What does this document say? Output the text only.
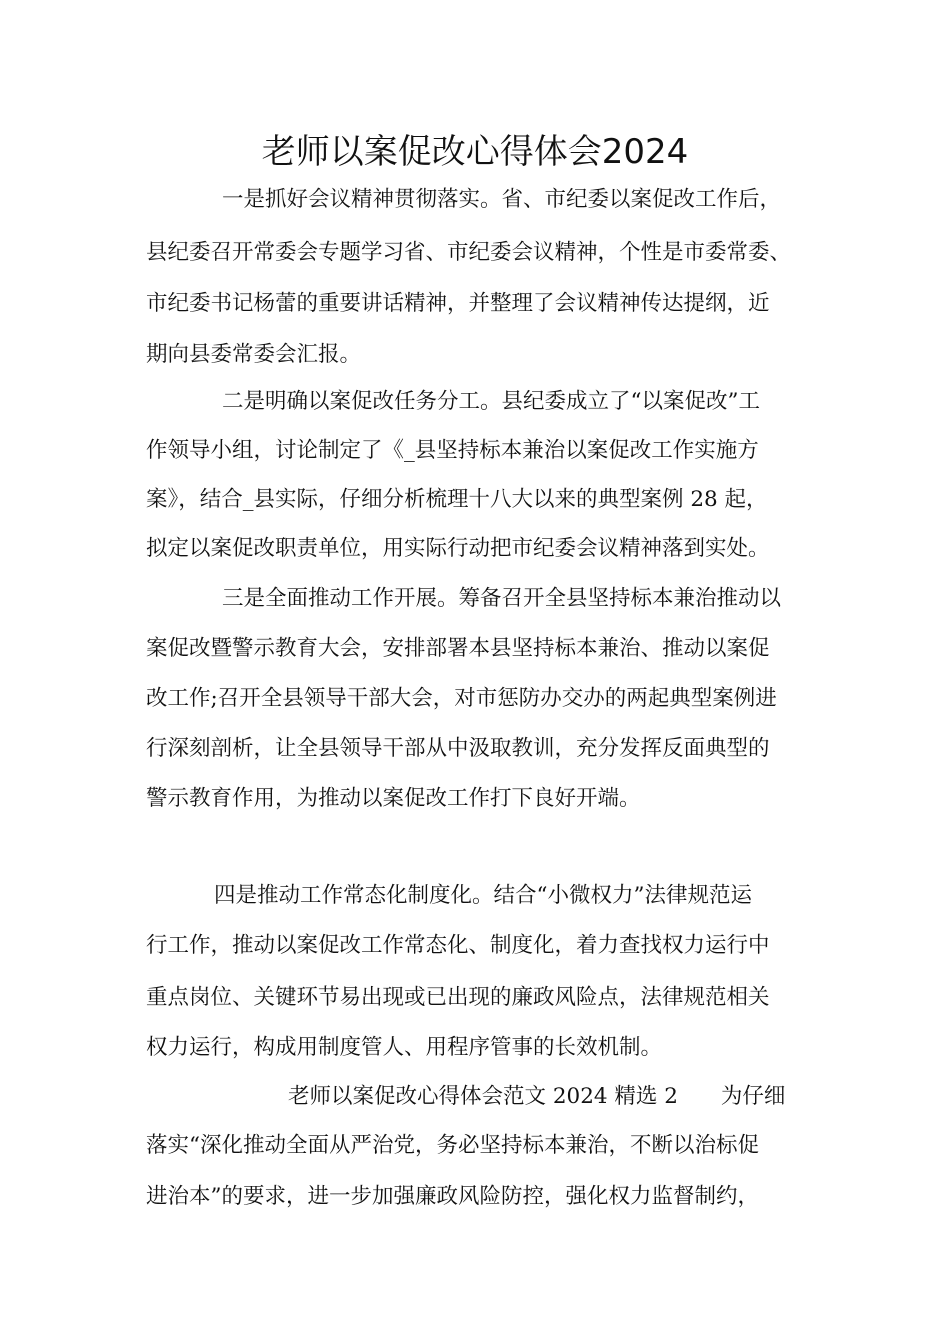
老师以案促改心得体会2024
一是抓好会议精神贯彻落实。省、市纪委以案促改工作后，
县纪委召开常委会专题学习省、市纪委会议精神，个性是市委常委、
市纪委书记杨蕾的重要讲话精神，并整理了会议精神传达提纲，近
期向县委常委会汇报。
二是明确以案促改任务分工。县纪委成立了“以案促改”工
作领导小组，讨论制定了《_县坚持标本兼治以案促改工作实施方
案》，结合_县实际，仔细分析梳理十八大以来的典型案例 28 起，
拟定以案促改职责单位，用实际行动把市纪委会议精神落到实处。
三是全面推动工作开展。筹备召开全县坚持标本兼治推动以
案促改暨警示教育大会，安排部署本县坚持标本兼治、推动以案促
改工作;召开全县领导干部大会，对市惩防办交办的两起典型案例进
行深刻剖析，让全县领导干部从中汲取教训，充分发挥反面典型的
警示教育作用，为推动以案促改工作打下良好开端。
四是推动工作常态化制度化。结合“小微权力”法律规范运
行工作，推动以案促改工作常态化、制度化，着力查找权力运行中
重点岗位、关键环节易出现或已出现的廉政风险点，法律规范相关
权力运行，构成用制度管人、用程序管事的长效机制。
老师以案促改心得体会范文 2024 精选 2　　为仔细
落实“深化推动全面从严治党，务必坚持标本兼治，不断以治标促
进治本”的要求，进一步加强廉政风险防控，强化权力监督制约，
